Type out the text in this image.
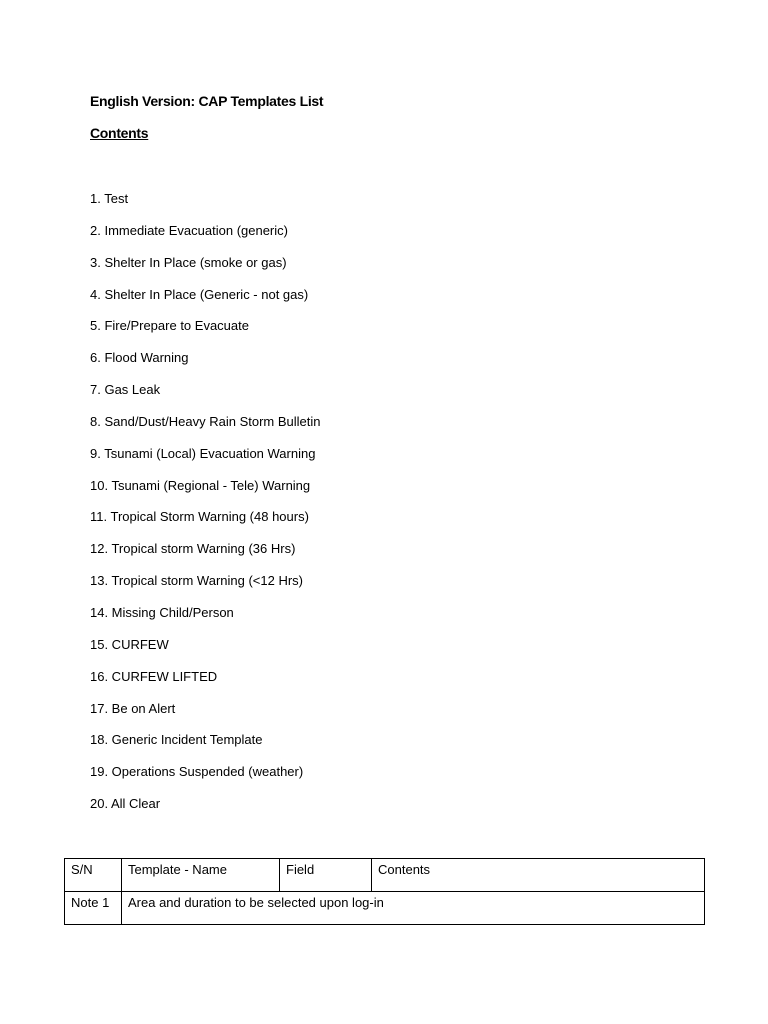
English Version: CAP Templates List
Contents
1. Test
2. Immediate Evacuation (generic)
3. Shelter In Place (smoke or gas)
4. Shelter In Place (Generic - not gas)
5. Fire/Prepare to Evacuate
6. Flood Warning
7. Gas Leak
8. Sand/Dust/Heavy Rain Storm Bulletin
9. Tsunami (Local) Evacuation Warning
10. Tsunami (Regional - Tele) Warning
11. Tropical Storm Warning (48 hours)
12. Tropical storm Warning (36 Hrs)
13. Tropical storm Warning (<12 Hrs)
14. Missing Child/Person
15. CURFEW
16. CURFEW LIFTED
17. Be on Alert
18. Generic Incident Template
19. Operations Suspended (weather)
20. All Clear
S/N	Template - Name	Field	Contents
Note 1	Area and duration to be selected upon log-in		
